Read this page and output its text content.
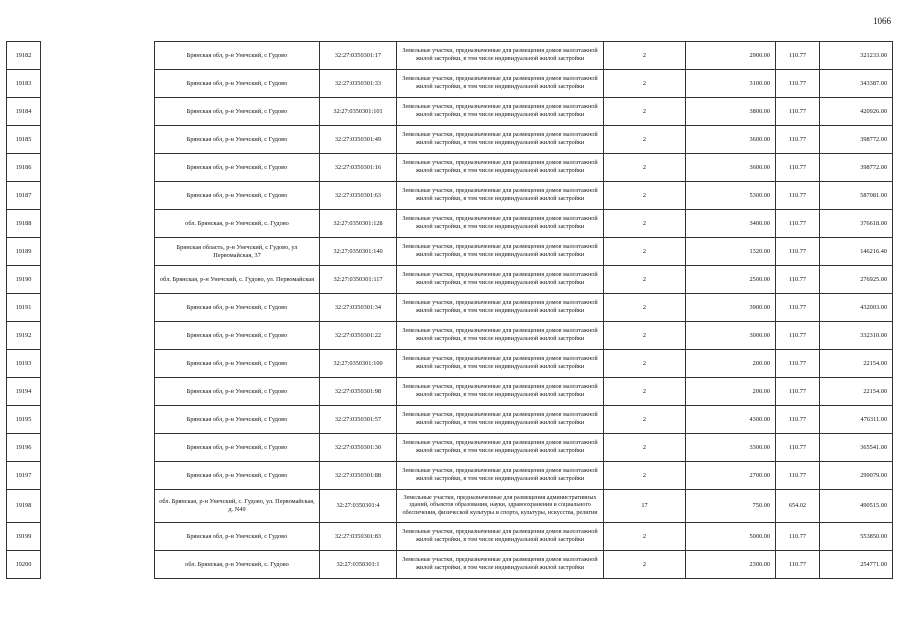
1066
19182		Брянская обл, р-н Унечский, с Гудово	32:27:0350301:17	Земельные участки, предназначенные для размещения домов малоэтажной жилой застройки, в том числе индивидуальной жилой застройки	2	2900.00	110.77	321233.00
19183		Брянская обл, р-н Унечский, с Гудово	32:27:0350301:33	Земельные участки, предназначенные для размещения домов малоэтажной жилой застройки, в том числе индивидуальной жилой застройки	2	3100.00	110.77	343387.00
19184		Брянская обл, р-н Унечский, с Гудово	32:27:0350301:101	Земельные участки, предназначенные для размещения домов малоэтажной жилой застройки, в том числе индивидуальной жилой застройки	2	3800.00	110.77	420926.00
19185		Брянская обл, р-н Унечский, с Гудово	32:27:0350301:49	Земельные участки, предназначенные для размещения домов малоэтажной жилой застройки, в том числе индивидуальной жилой застройки	2	3600.00	110.77	398772.00
19186		Брянская обл, р-н Унечский, с Гудово	32:27:0350301:16	Земельные участки, предназначенные для размещения домов малоэтажной жилой застройки, в том числе индивидуальной жилой застройки	2	3600.00	110.77	398772.00
19187		Брянская обл, р-н Унечский, с Гудово	32:27:0350301:63	Земельные участки, предназначенные для размещения домов малоэтажной жилой застройки, в том числе индивидуальной жилой застройки	2	5300.00	110.77	587081.00
19188		обл. Брянская, р-н Унечский, с. Гудово	32:27:0350301:128	Земельные участки, предназначенные для размещения домов малоэтажной жилой застройки, в том числе индивидуальной жилой застройки	2	3400.00	110.77	376618.00
19189		Брянская область, р-н Унечский, с Гудово, ул Первомайская, 37	32:27:0350301:140	Земельные участки, предназначенные для размещения домов малоэтажной жилой застройки, в том числе индивидуальной жилой застройки	2	1320.00	110.77	146216.40
19190		обл. Брянская, р-н Унечский, с. Гудово, ул. Первомайская	32:27:0350301:117	Земельные участки, предназначенные для размещения домов малоэтажной жилой застройки, в том числе индивидуальной жилой застройки	2	2500.00	110.77	276925.00
19191		Брянская обл, р-н Унечский, с Гудово	32:27:0350301:34	Земельные участки, предназначенные для размещения домов малоэтажной жилой застройки, в том числе индивидуальной жилой застройки	2	3900.00	110.77	432003.00
19192		Брянская обл, р-н Унечский, с Гудово	32:27:0350301:22	Земельные участки, предназначенные для размещения домов малоэтажной жилой застройки, в том числе индивидуальной жилой застройки	2	3000.00	110.77	332310.00
19193		Брянская обл, р-н Унечский, с Гудово	32:27:0350301:100	Земельные участки, предназначенные для размещения домов малоэтажной жилой застройки, в том числе индивидуальной жилой застройки	2	200.00	110.77	22154.00
19194		Брянская обл, р-н Унечский, с Гудово	32:27:0350301:98	Земельные участки, предназначенные для размещения домов малоэтажной жилой застройки, в том числе индивидуальной жилой застройки	2	200.00	110.77	22154.00
19195		Брянская обл, р-н Унечский, с Гудово	32:27:0350301:57	Земельные участки, предназначенные для размещения домов малоэтажной жилой застройки, в том числе индивидуальной жилой застройки	2	4300.00	110.77	476311.00
19196		Брянская обл, р-н Унечский, с Гудово	32:27:0350301:30	Земельные участки, предназначенные для размещения домов малоэтажной жилой застройки, в том числе индивидуальной жилой застройки	2	3300.00	110.77	365541.00
19197		Брянская обл, р-н Унечский, с Гудово	32:27:0350301:88	Земельные участки, предназначенные для размещения домов малоэтажной жилой застройки, в том числе индивидуальной жилой застройки	2	2700.00	110.77	299079.00
19198		обл. Брянская, р-н Унечский, с. Гудово, ул. Первомайская, д. N49	32:27:0350301:4	Земельные участки, предназначенные для размещения административных зданий, объектов образования, науки, здравоохранения и социального обеспечения, физической культуры и спорта, культуры, искусства, религии	17	750.00	654.02	490515.00
19199		Брянская обл, р-н Унечский, с Гудово	32:27:0350301:83	Земельные участки, предназначенные для размещения домов малоэтажной жилой застройки, в том числе индивидуальной жилой застройки	2	5000.00	110.77	553850.00
19200		обл. Брянская, р-н Унечский, с. Гудово	32:27:0350301:1	Земельные участки, предназначенные для размещения домов малоэтажной жилой застройки, в том числе индивидуальной жилой застройки	2	2300.00	110.77	254771.00
